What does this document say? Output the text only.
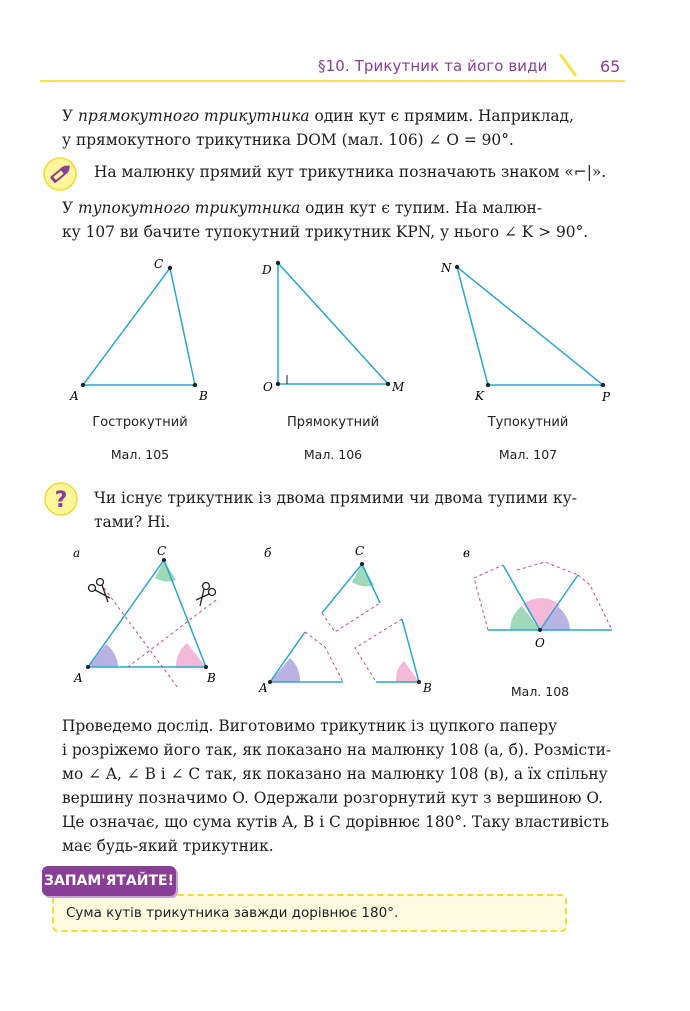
§10. Трикутник та його види	65
У прямокутного трикутника один кут є прямим. Наприклад,
у прямокутного трикутника DOM (мал. 106) ∠ O = 90°.
На малюнку прямий кут трикутника позначають знаком «⌐|».
У тупокутного трикутника один кут є тупим. На малюн-
ку 107 ви бачите тупокутний трикутник KPN, у нього ∠ K > 90°.
A	B
C	D
O	M
N
K	P
Гострокутний	Прямокутний	Тупокутний
Мал. 105	Мал. 106	Мал. 107
? Чи існує трикутник із двома прямими чи двома тупими ку-
тами? Ні.
а
A	B
C	б
A	B
C	в
O
Мал. 108
Проведемо дослід. Виготовимо трикутник із цупкого паперу
і розріжемо його так, як показано на малюнку 108 (а, б). Розмісти-
мо ∠ A, ∠ B і ∠ C так, як показано на малюнку 108 (в), а їх спільну
вершину позначимо O. Одержали розгорнутий кут з вершиною O.
Це означає, що сума кутів A, B і C дорівнює 180°. Таку властивість
має будь-який трикутник.
ЗАПАМ'ЯТАЙТЕ!
Сума кутів трикутника завжди дорівнює 180°.
